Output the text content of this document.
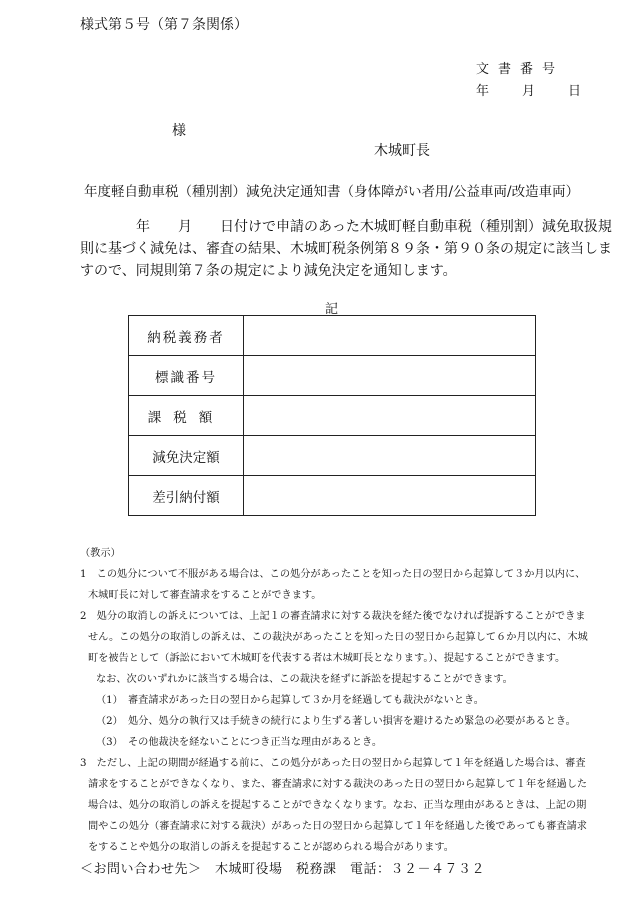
様式第５号（第７条関係）
文書番号
年	月	日
様
木城町長
年度軽自動車税（種別割）減免決定通知書（身体障がい者用/公益車両/改造車両）
　　　　年　　月　　日付けで申請のあった木城町軽自動車税（種別割）減免取扱規
則に基づく減免は、審査の結果、木城町税条例第８９条・第９０条の規定に該当しま
すので、同規則第７条の規定により減免決定を通知します。
記
納税義務者	
標識番号	
課税額	
減免決定額	
差引納付額	
（教示）
1　この処分について不服がある場合は、この処分があったことを知った日の翌日から起算して３か月以内に、
木城町長に対して審査請求をすることができます。
2　処分の取消しの訴えについては、上記１の審査請求に対する裁決を経た後でなければ提訴することができま
せん。この処分の取消しの訴えは、この裁決があったことを知った日の翌日から起算して６か月以内に、木城
町を被告として（訴訟において木城町を代表する者は木城町長となります。）、提起することができます。
なお、次のいずれかに該当する場合は、この裁決を経ずに訴訟を提起することができます。
（1）　審査請求があった日の翌日から起算して３か月を経過しても裁決がないとき。
（2）　処分、処分の執行又は手続きの続行により生ずる著しい損害を避けるため緊急の必要があるとき。
（3）　その他裁決を経ないことにつき正当な理由があるとき。
3　ただし、上記の期間が経過する前に、この処分があった日の翌日から起算して１年を経過した場合は、審査
請求をすることができなくなり、また、審査請求に対する裁決のあった日の翌日から起算して１年を経過した
場合は、処分の取消しの訴えを提起することができなくなります。なお、正当な理由があるときは、上記の期
間やこの処分（審査請求に対する裁決）があった日の翌日から起算して１年を経過した後であっても審査請求
をすることや処分の取消しの訴えを提起することが認められる場合があります。
＜お問い合わせ先＞　木城町役場　税務課　電話：３２－４７３２
